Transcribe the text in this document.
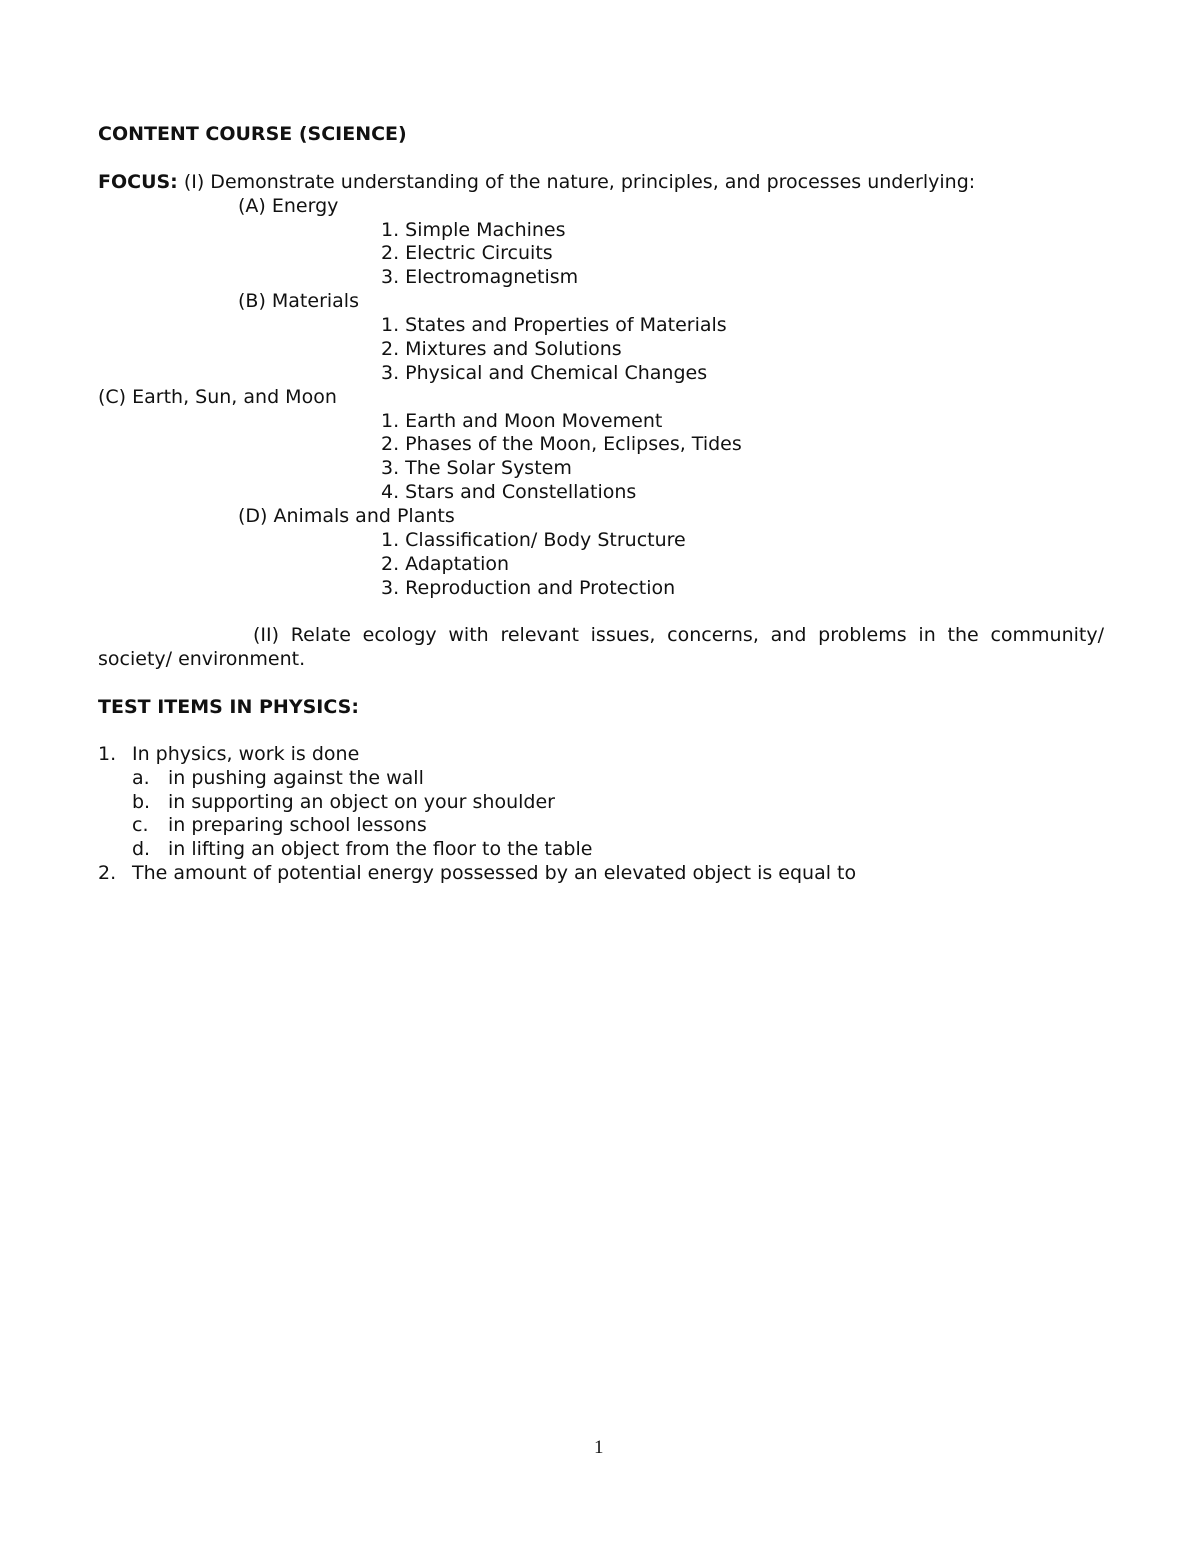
CONTENT COURSE (SCIENCE)
FOCUS: (I) Demonstrate understanding of the nature, principles, and processes underlying:
(A) Energy
1. Simple Machines
2. Electric Circuits
3. Electromagnetism
(B) Materials
1. States and Properties of Materials
2. Mixtures and Solutions
3. Physical and Chemical Changes
(C) Earth, Sun, and Moon
1. Earth and Moon Movement
2. Phases of the Moon, Eclipses, Tides
3. The Solar System
4. Stars and Constellations
(D) Animals and Plants
1. Classification/ Body Structure
2. Adaptation
3. Reproduction and Protection
(II) Relate ecology with relevant issues, concerns, and problems in the community/ society/ environment.
TEST ITEMS IN PHYSICS:
1. In physics, work is done
a. in pushing against the wall
b. in supporting an object on your shoulder
c. in preparing school lessons
d. in lifting an object from the floor to the table
2. The amount of potential energy possessed by an elevated object is equal to
1
